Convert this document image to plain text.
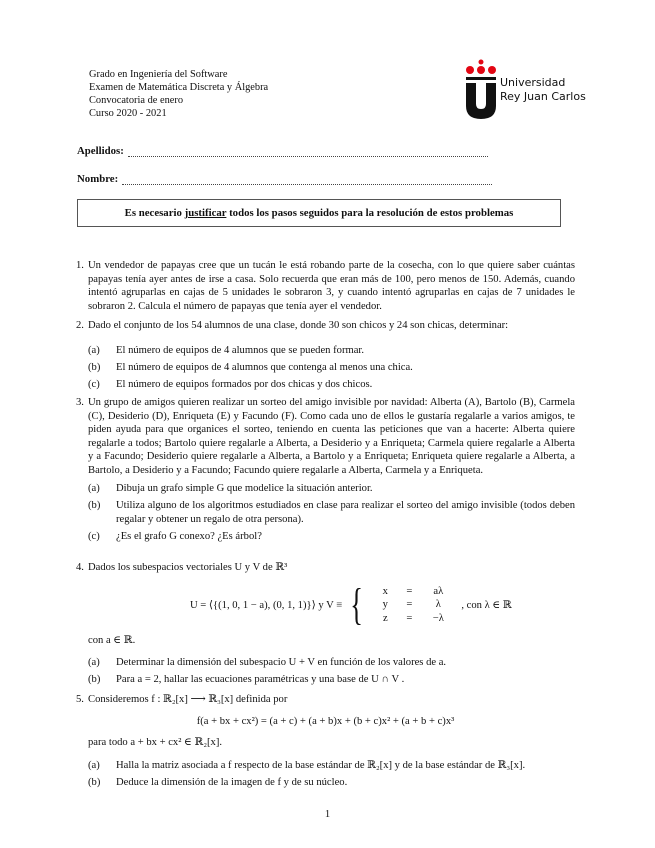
Grado en Ingeniería del Software
Examen de Matemática Discreta y Álgebra
Convocatoria de enero
Curso 2020 - 2021
Universidad
Rey Juan Carlos
Apellidos:
Nombre:
Es necesario justificar todos los pasos seguidos para la resolución de estos problemas
1. Un vendedor de papayas cree que un tucán le está robando parte de la cosecha, con lo que quiere saber cuántas papayas tenía ayer antes de irse a casa. Solo recuerda que eran más de 100, pero menos de 150. Además, cuando intentó agruparlas en cajas de 5 unidades le sobraron 3, y cuando intentó agruparlas en cajas de 7 unidades le sobraron 2. Calcula el número de papayas que tenía ayer el vendedor.
2. Dado el conjunto de los 54 alumnos de una clase, donde 30 son chicos y 24 son chicas, determinar:
(a) El número de equipos de 4 alumnos que se pueden formar.
(b) El número de equipos de 4 alumnos que contenga al menos una chica.
(c) El número de equipos formados por dos chicas y dos chicos.
3. Un grupo de amigos quieren realizar un sorteo del amigo invisible por navidad: Alberta (A), Bartolo (B), Carmela (C), Desiderio (D), Enriqueta (E) y Facundo (F). Como cada uno de ellos le gustaría regalarle a varios amigos, te piden ayuda para que organices el sorteo, teniendo en cuenta las peticiones que van a hacerte: Alberta quiere regalarle a todos; Bartolo quiere regalarle a Alberta, a Desiderio y a Enriqueta; Carmela quiere regalarle a Alberta y a Facundo; Desiderio quiere regalarle a Alberta, a Bartolo y a Enriqueta; Enriqueta quiere regalarle a Alberta, a Bartolo, a Desiderio y a Facundo; Facundo quiere regalarle a Alberta, Carmela y a Enriqueta.
(a) Dibuja un grafo simple G que modelice la situación anterior.
(b) Utiliza alguno de los algoritmos estudiados en clase para realizar el sorteo del amigo invisible (todos deben regalar y obtener un regalo de otra persona).
(c) ¿Es el grafo G conexo? ¿Es árbol?
4. Dados los subespacios vectoriales U y V de ℝ³
U = ⟨{(1, 0, 1 − a), (0, 1, 1)}⟩ y V ≡ {	x	=	aλ
y	=	λ
z	=	−λ
, con λ ∈ ℝ
con a ∈ ℝ.
(a) Determinar la dimensión del subespacio U + V en función de los valores de a.
(b) Para a = 2, hallar las ecuaciones paramétricas y una base de U ∩ V .
5. Consideremos f : ℝ₂[x] ⟶ ℝ₃[x] definida por
f(a + bx + cx²) = (a + c) + (a + b)x + (b + c)x² + (a + b + c)x³
para todo a + bx + cx² ∈ ℝ₂[x].
(a) Halla la matriz asociada a f respecto de la base estándar de ℝ₂[x] y de la base estándar de ℝ₃[x].
(b) Deduce la dimensión de la imagen de f y de su núcleo.
1
